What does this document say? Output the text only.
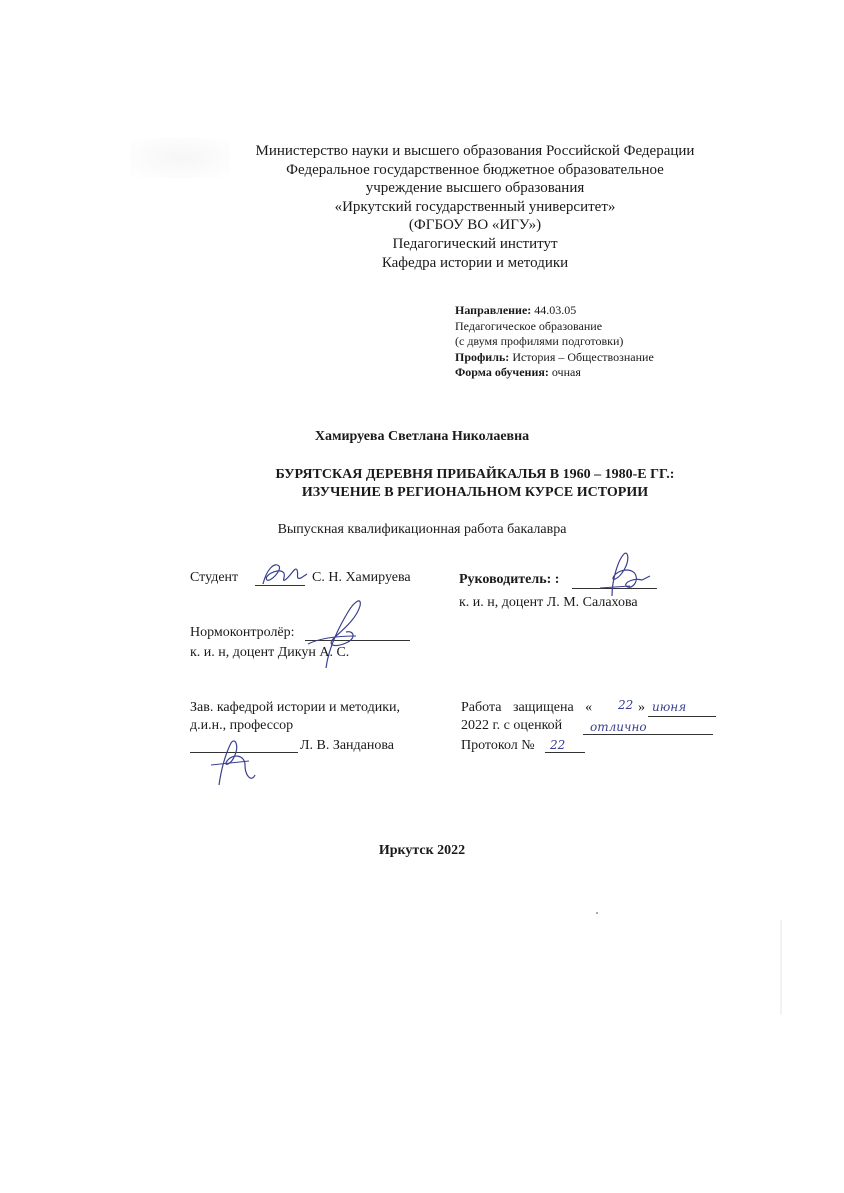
Министерство науки и высшего образования Российской Федерации
Федеральное государственное бюджетное образовательное
учреждение высшего образования
«Иркутский государственный университет»
(ФГБОУ ВО «ИГУ»)
Педагогический институт
Кафедра истории и методики
Направление: 44.03.05
Педагогическое образование
(с двумя профилями подготовки)
Профиль: История – Обществознание
Форма обучения: очная
Хамируева Светлана Николаевна
БУРЯТСКАЯ ДЕРЕВНЯ ПРИБАЙКАЛЬЯ В 1960 – 1980-Е ГГ.:
ИЗУЧЕНИЕ В РЕГИОНАЛЬНОМ КУРСЕ ИСТОРИИ
Выпускная квалификационная работа бакалавра
Студент	С. Н. Хамируева	Руководитель: :
к. и. н, доцент Л. М. Салахова
Нормоконтролёр:
к. и. н, доцент Дикун А. С.
Зав. кафедрой истории и методики,
д.и.н., профессор
Л. В. Занданова
Работа защищена « 22 » июня
2022 г. с оценкой отлично
Протокол № 22
Иркутск 2022
